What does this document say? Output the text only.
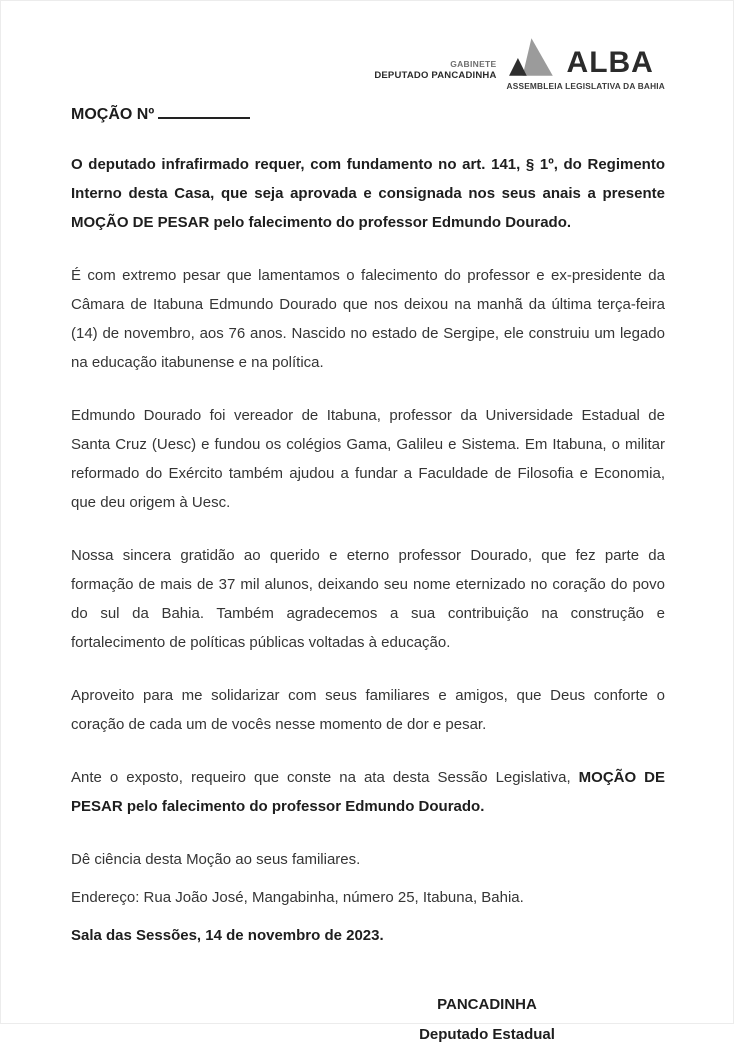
GABINETE
DEPUTADO PANCADINHA ALBA
ASSEMBLEIA LEGISLATIVA DA BAHIA
MOÇÃO Nº

O deputado infrafirmado requer, com fundamento no art. 141, § 1º, do Regimento Interno desta Casa, que seja aprovada e consignada nos seus anais a presente MOÇÃO DE PESAR pelo falecimento do professor Edmundo Dourado.

É com extremo pesar que lamentamos o falecimento do professor e ex-presidente da Câmara de Itabuna Edmundo Dourado que nos deixou na manhã da última terça-feira (14) de novembro, aos 76 anos. Nascido no estado de Sergipe, ele construiu um legado na educação itabunense e na política.

Edmundo Dourado foi vereador de Itabuna, professor da Universidade Estadual de Santa Cruz (Uesc) e fundou os colégios Gama, Galileu e Sistema. Em Itabuna, o militar reformado do Exército também ajudou a fundar a Faculdade de Filosofia e Economia, que deu origem à Uesc.

Nossa sincera gratidão ao querido e eterno professor Dourado, que fez parte da formação de mais de 37 mil alunos, deixando seu nome eternizado no coração do povo do sul da Bahia. Também agradecemos a sua contribuição na construção e fortalecimento de políticas públicas voltadas à educação.

Aproveito para me solidarizar com seus familiares e amigos, que Deus conforte o coração de cada um de vocês nesse momento de dor e pesar.

Ante o exposto, requeiro que conste na ata desta Sessão Legislativa, MOÇÃO DE PESAR pelo falecimento do professor Edmundo Dourado.

Dê ciência desta Moção ao seus familiares.

Endereço: Rua João José, Mangabinha, número 25, Itabuna, Bahia.

Sala das Sessões, 14 de novembro de 2023.

PANCADINHA
Deputado Estadual
